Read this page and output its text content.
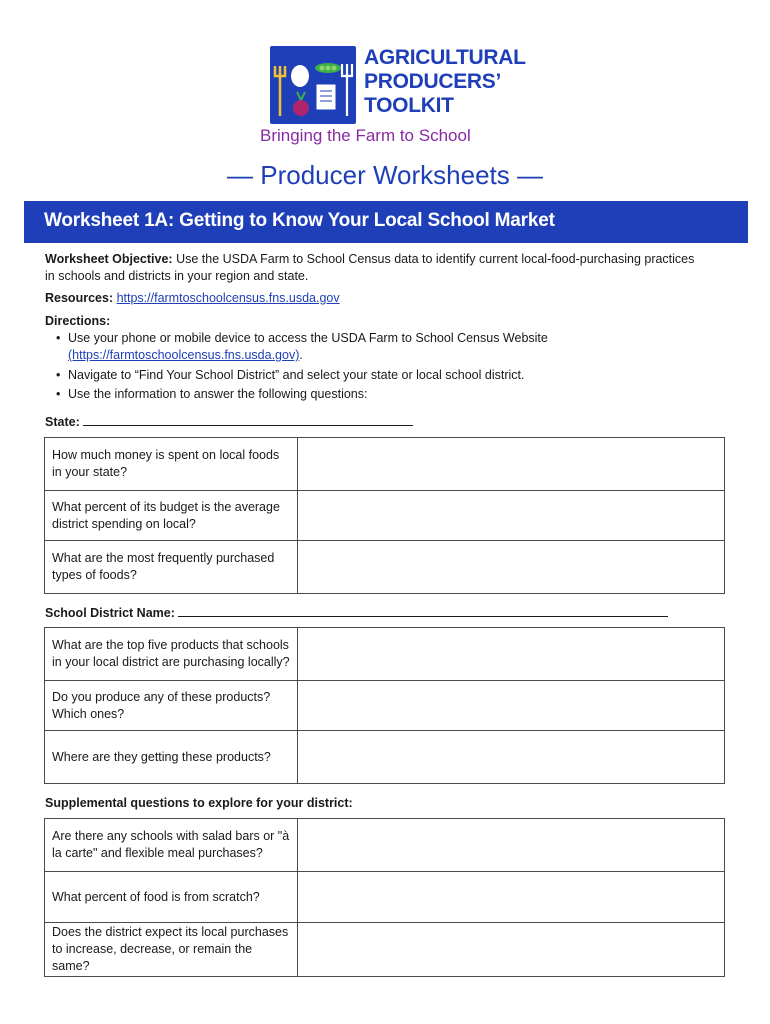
AGRICULTURAL
PRODUCERS’
TOOLKIT
Bringing the Farm to School
— Producer Worksheets —
Worksheet 1A: Getting to Know Your Local School Market
Worksheet Objective: Use the USDA Farm to School Census data to identify current local-food-purchasing practices
in schools and districts in your region and state.
Resources: https://farmtoschoolcensus.fns.usda.gov
Directions:
• Use your phone or mobile device to access the USDA Farm to School Census Website
(https://farmtoschoolcensus.fns.usda.gov).
• Navigate to “Find Your School District” and select your state or local school district.
• Use the information to answer the following questions:
State:
How much money is spent on local foods in your state?	
What percent of its budget is the average district spending on local?	
What are the most frequently purchased types of foods?	
School District Name:
What are the top five products that schools in your local district are purchasing locally?	
Do you produce any of these products? Which ones?	
Where are they getting these products?	
Supplemental questions to explore for your district:
Are there any schools with salad bars or "à la carte" and flexible meal purchases?	
What percent of food is from scratch?	
Does the district expect its local purchases to increase, decrease, or remain the same?	
